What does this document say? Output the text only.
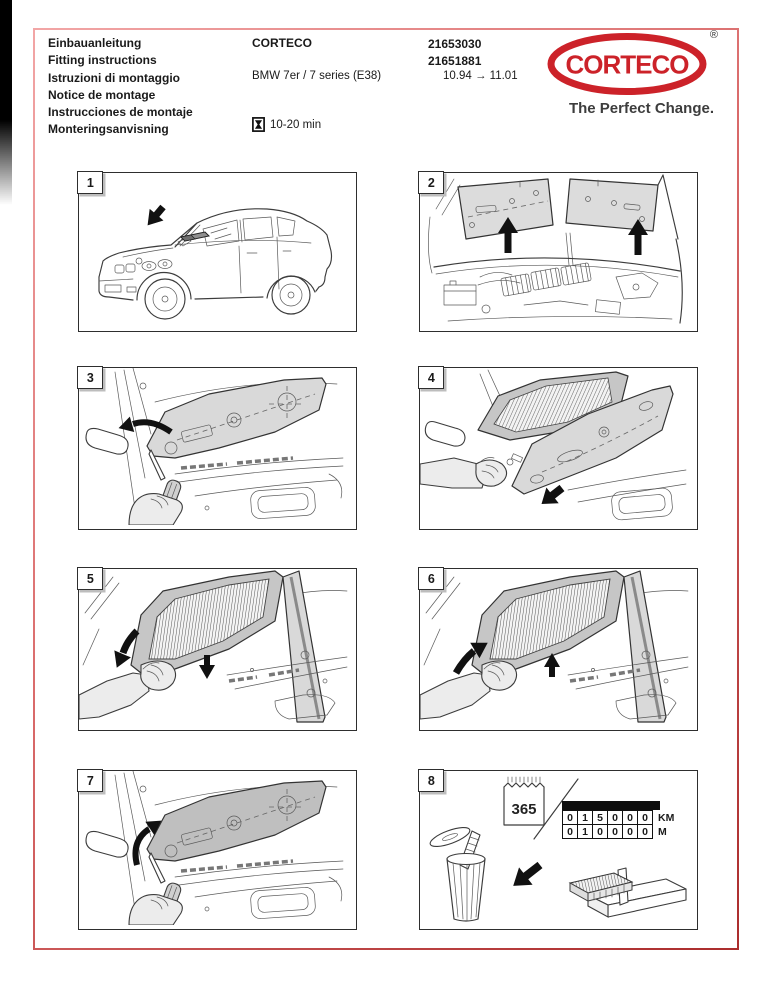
Einbauanleitung
Fitting instructions
Istruzioni di montaggio
Notice de montage
Instrucciones de montaje
Monteringsanvisning
CORTECO
BMW 7er / 7 series (E38)
10-20 min
21653030
21651881
10.94 → 11.01 CORTECO
®
The Perfect Change.
1	2
3	4
5	6
7	8
365	0	1	5	0	0	0	KM
0	1	0	0	0	0	M
